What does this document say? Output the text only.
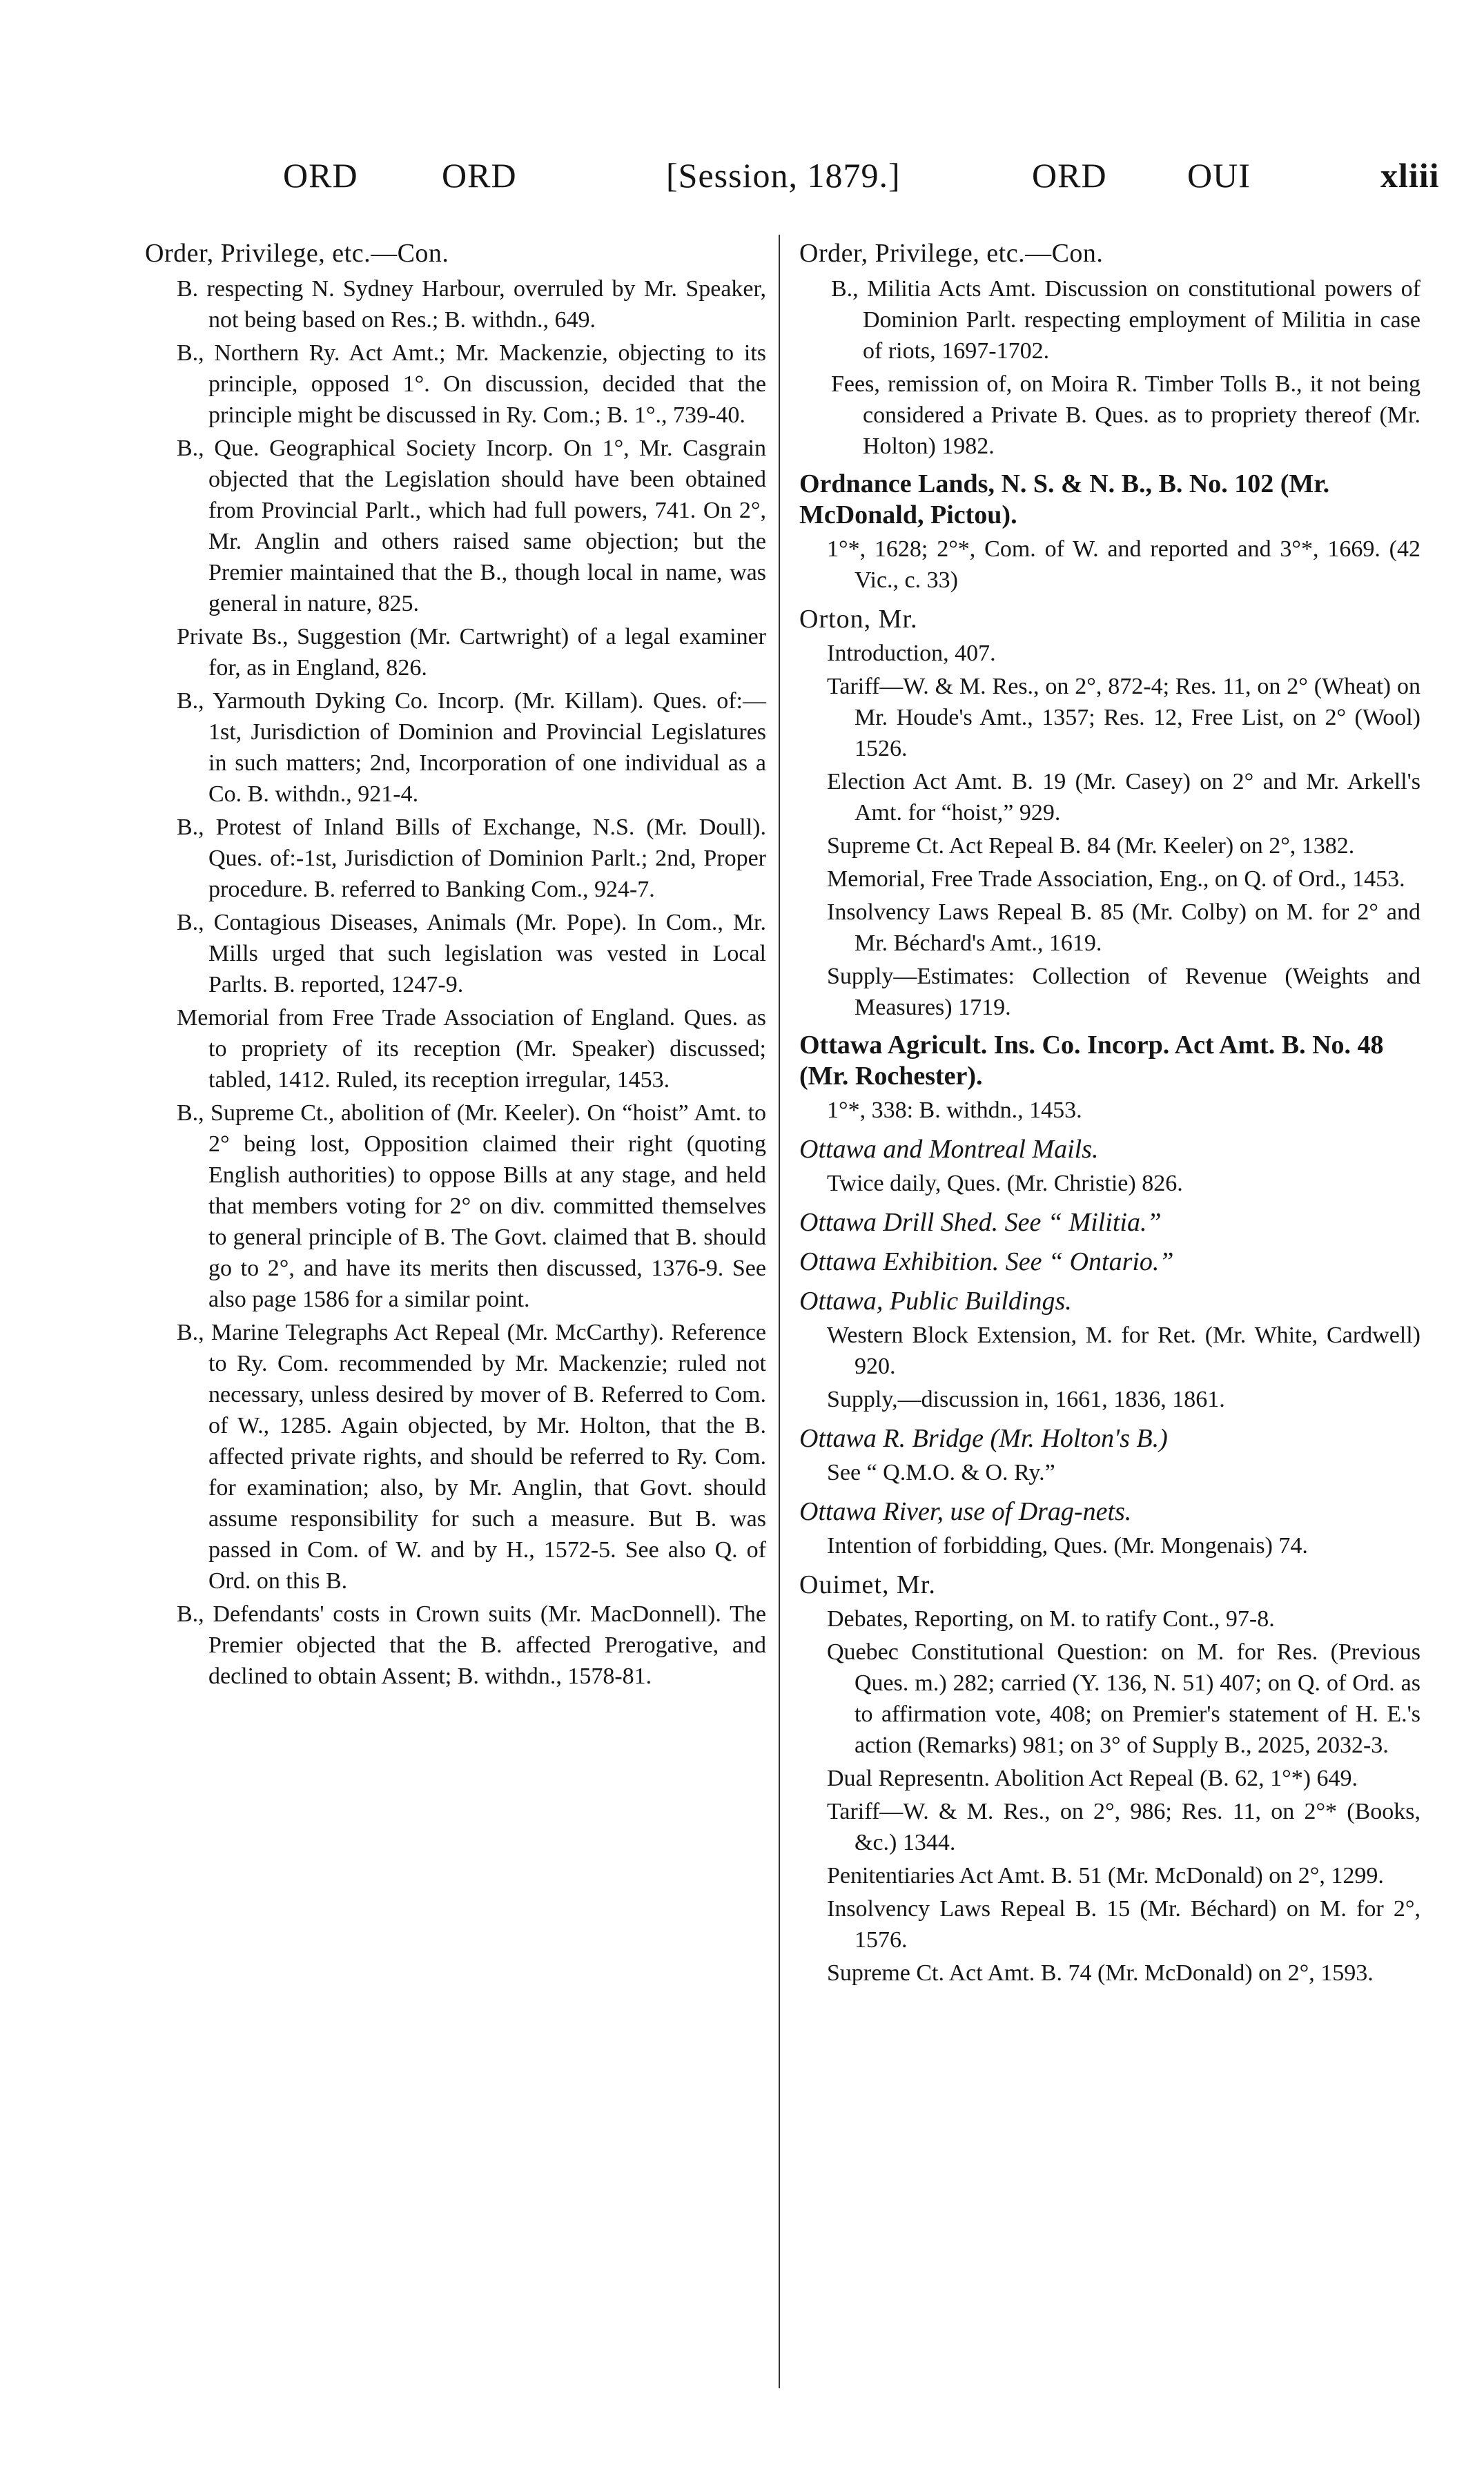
ORD ORD	[Session, 1879.]	ORD OUI	xliii

Order, Privilege, etc.—Con.

B. respecting N. Sydney Harbour, overruled by Mr. Speaker, not being based on Res.; B. withdn., 649.

B., Northern Ry. Act Amt.; Mr. Mackenzie, objecting to its principle, opposed 1°. On discussion, decided that the principle might be discussed in Ry. Com.; B. 1°., 739-40.

B., Que. Geographical Society Incorp. On 1°, Mr. Casgrain objected that the Legislation should have been obtained from Provincial Parlt., which had full powers, 741. On 2°, Mr. Anglin and others raised same objection; but the Premier maintained that the B., though local in name, was general in nature, 825.

Private Bs., Suggestion (Mr. Cartwright) of a legal examiner for, as in England, 826.

B., Yarmouth Dyking Co. Incorp. (Mr. Killam). Ques. of:— 1st, Jurisdiction of Dominion and Provincial Legislatures in such matters; 2nd, Incorporation of one individual as a Co. B. withdn., 921-4.

B., Protest of Inland Bills of Exchange, N.S. (Mr. Doull). Ques. of:-1st, Jurisdiction of Dominion Parlt.; 2nd, Proper procedure. B. referred to Banking Com., 924-7.

B., Contagious Diseases, Animals (Mr. Pope). In Com., Mr. Mills urged that such legislation was vested in Local Parlts. B. reported, 1247-9.

Memorial from Free Trade Association of England. Ques. as to propriety of its reception (Mr. Speaker) discussed; tabled, 1412. Ruled, its reception irregular, 1453.

B., Supreme Ct., abolition of (Mr. Keeler). On “hoist” Amt. to 2° being lost, Opposition claimed their right (quoting English authorities) to oppose Bills at any stage, and held that members voting for 2° on div. committed themselves to general principle of B. The Govt. claimed that B. should go to 2°, and have its merits then discussed, 1376-9. See also page 1586 for a similar point.

B., Marine Telegraphs Act Repeal (Mr. McCarthy). Reference to Ry. Com. recommended by Mr. Mackenzie; ruled not necessary, unless desired by mover of B. Referred to Com. of W., 1285. Again objected, by Mr. Holton, that the B. affected private rights, and should be referred to Ry. Com. for examination; also, by Mr. Anglin, that Govt. should assume responsibility for such a measure. But B. was passed in Com. of W. and by H., 1572-5. See also Q. of Ord. on this B.

B., Defendants' costs in Crown suits (Mr. MacDonnell). The Premier objected that the B. affected Prerogative, and declined to obtain Assent; B. withdn., 1578-81.

Order, Privilege, etc.—Con.

B., Militia Acts Amt. Discussion on constitutional powers of Dominion Parlt. respecting employment of Militia in case of riots, 1697-1702.

Fees, remission of, on Moira R. Timber Tolls B., it not being considered a Private B. Ques. as to propriety thereof (Mr. Holton) 1982.

Ordnance Lands, N. S. & N. B., B. No. 102 (Mr. McDonald, Pictou).

1°*, 1628; 2°*, Com. of W. and reported and 3°*, 1669. (42 Vic., c. 33)

Orton, Mr.

Introduction, 407.

Tariff—W. & M. Res., on 2°, 872-4; Res. 11, on 2° (Wheat) on Mr. Houde's Amt., 1357; Res. 12, Free List, on 2° (Wool) 1526.

Election Act Amt. B. 19 (Mr. Casey) on 2° and Mr. Arkell's Amt. for “hoist,” 929.

Supreme Ct. Act Repeal B. 84 (Mr. Keeler) on 2°, 1382.

Memorial, Free Trade Association, Eng., on Q. of Ord., 1453.

Insolvency Laws Repeal B. 85 (Mr. Colby) on M. for 2° and Mr. Béchard's Amt., 1619.

Supply—Estimates: Collection of Revenue (Weights and Measures) 1719.

Ottawa Agricult. Ins. Co. Incorp. Act Amt. B. No. 48 (Mr. Rochester).

1°*, 338: B. withdn., 1453.

Ottawa and Montreal Mails.

Twice daily, Ques. (Mr. Christie) 826.

Ottawa Drill Shed. See “ Militia.”

Ottawa Exhibition. See “ Ontario.”

Ottawa, Public Buildings.

Western Block Extension, M. for Ret. (Mr. White, Cardwell) 920.

Supply,—discussion in, 1661, 1836, 1861.

Ottawa R. Bridge (Mr. Holton's B.)

See “ Q.M.O. & O. Ry.”

Ottawa River, use of Drag-nets.

Intention of forbidding, Ques. (Mr. Mongenais) 74.

Ouimet, Mr.

Debates, Reporting, on M. to ratify Cont., 97-8.

Quebec Constitutional Question: on M. for Res. (Previous Ques. m.) 282; carried (Y. 136, N. 51) 407; on Q. of Ord. as to affirmation vote, 408; on Premier's statement of H. E.'s action (Remarks) 981; on 3° of Supply B., 2025, 2032-3.

Dual Representn. Abolition Act Repeal (B. 62, 1°*) 649.

Tariff—W. & M. Res., on 2°, 986; Res. 11, on 2°* (Books, &c.) 1344.

Penitentiaries Act Amt. B. 51 (Mr. McDonald) on 2°, 1299.

Insolvency Laws Repeal B. 15 (Mr. Béchard) on M. for 2°, 1576.

Supreme Ct. Act Amt. B. 74 (Mr. McDonald) on 2°, 1593.
